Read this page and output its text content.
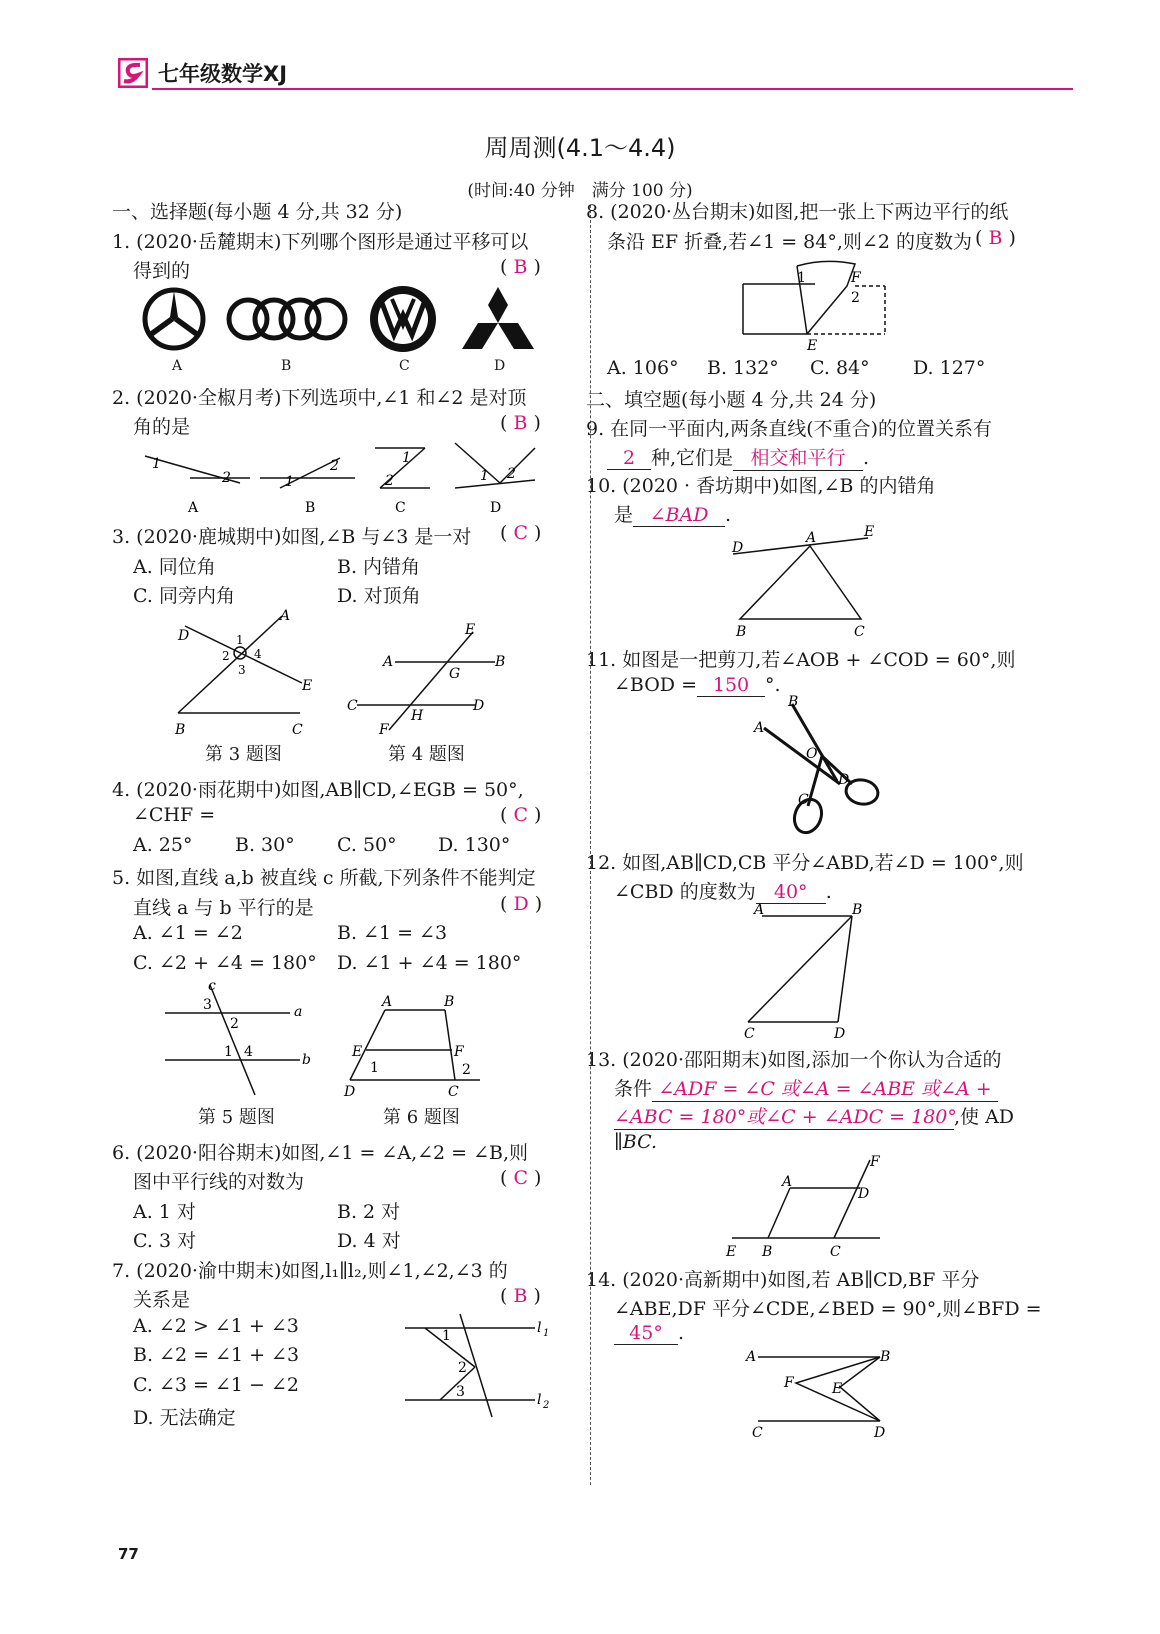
七年级数学XJ
周周测(4.1～4.4)
(时间:40 分钟　满分 100 分)
一、选择题(每小题 4 分,共 32 分)
1. (2020·岳麓期末)下列哪个图形是通过平移可以
得到的	( B )
A	B	C	D
2. (2020·全椒月考)下列选项中,∠1 和∠2 是对顶
角的是	( B )
1
2	1
2	1
2	1 2
A	B	C	D
3. (2020·鹿城期中)如图,∠B 与∠3 是一对 ( C )
A. 同位角	B. 内错角
C. 同旁内角	D. 对顶角
D
A
E
B	C
1
2 4
3	A	B
C	D
E
F
G
H
第 3 题图	第 4 题图
4. (2020·雨花期中)如图,AB∥CD,∠EGB = 50°,
∠CHF =	( C )
A. 25° B. 30° C. 50° D. 130°
5. 如图,直线 a,b 被直线 c 所截,下列条件不能判定
直线 a 与 b 平行的是	( D )
A. ∠1 = ∠2	B. ∠1 = ∠3
C. ∠2 + ∠4 = 180° D. ∠1 + ∠4 = 180°
c
a
b
3
2
1 4
A	B
E	F
D	C
1	2
第 5 题图	第 6 题图
6. (2020·阳谷期末)如图,∠1 = ∠A,∠2 = ∠B,则
图中平行线的对数为	( C )
A. 1 对	B. 2 对
C. 3 对	D. 4 对
7. (2020·渝中期末)如图,l₁∥l₂,则∠1,∠2,∠3 的
关系是	( B )
A. ∠2 > ∠1 + ∠3
B. ∠2 = ∠1 + ∠3
C. ∠3 = ∠1 − ∠2
D. 无法确定
l 1
l 2
1
2
3
8. (2020·丛台期末)如图,把一张上下两边平行的纸
条沿 EF 折叠,若∠1 = 84°,则∠2 的度数为 ( B )
1	F
2
E
A. 106° B. 132° C. 84° D. 127°
二、填空题(每小题 4 分,共 24 分)
9. 在同一平面内,两条直线(不重合)的位置关系有
2 种,它们是 相交和平行 .
10. (2020 · 香坊期中)如图,∠B 的内错角
是 ∠BAD .
D
A	E
B	C
11. 如图是一把剪刀,若∠AOB + ∠COD = 60°,则
∠BOD = 150 °.
B
A
O
D
C
12. 如图,AB∥CD,CB 平分∠ABD,若∠D = 100°,则
∠CBD 的度数为 40° .
A	B
C	D
13. (2020·邵阳期末)如图,添加一个你认为合适的
条件 ∠ADF = ∠C 或∠A = ∠ABE 或∠A +
∠ABC = 180°或∠C + ∠ADC = 180°,使 AD
∥BC.
A
D
F
E B	C
14. (2020·高新期中)如图,若 AB∥CD,BF 平分
∠ABE,DF 平分∠CDE,∠BED = 90°,则∠BFD =
45° .
A	B
F	E
C	D
77
